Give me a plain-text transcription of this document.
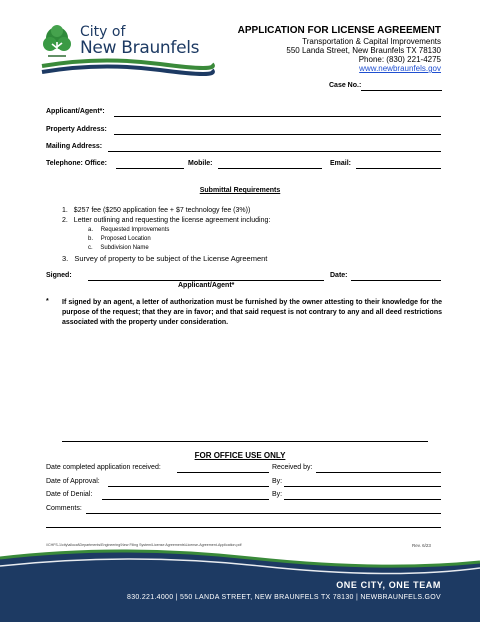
City of
New Braunfels
APPLICATION FOR LICENSE AGREEMENT
Transportation & Capital Improvements
550 Landa Street, New Braunfels TX 78130
Phone: (830) 221-4275
www.newbraunfels.gov
Case No.:
Applicant/Agent*:
Property Address:
Mailing Address:
Telephone: Office:	Mobile:	Email:
Submittal Requirements
1. $257 fee ($250 application fee + $7 technology fee (3%))
2. Letter outlining and requesting the license agreement including:
a. Requested Improvements
b. Proposed Location
c. Subdivision Name
3. Survey of property to be subject of the License Agreement
Signed:	Date:
Applicant/Agent*
* If signed by an agent, a letter of authorization must be furnished by the owner attesting to their knowledge for the purpose of the request; that they are in favor; and that said request is not contrary to any and all deed restrictions associated with the property under consideration.
FOR OFFICE USE ONLY
Date completed application received:	Received by:
Date of Approval:	By:
Date of Denial:	By:
Comments:
\\CHFS-1\city\allocal\Departments\Engineering\New Filing System\License Agreements\License-Agreement-Application.pdf	Rev. 6/23
ONE CITY, ONE TEAM
830.221.4000 | 550 LANDA STREET, NEW BRAUNFELS TX 78130 | NEWBRAUNFELS.GOV
